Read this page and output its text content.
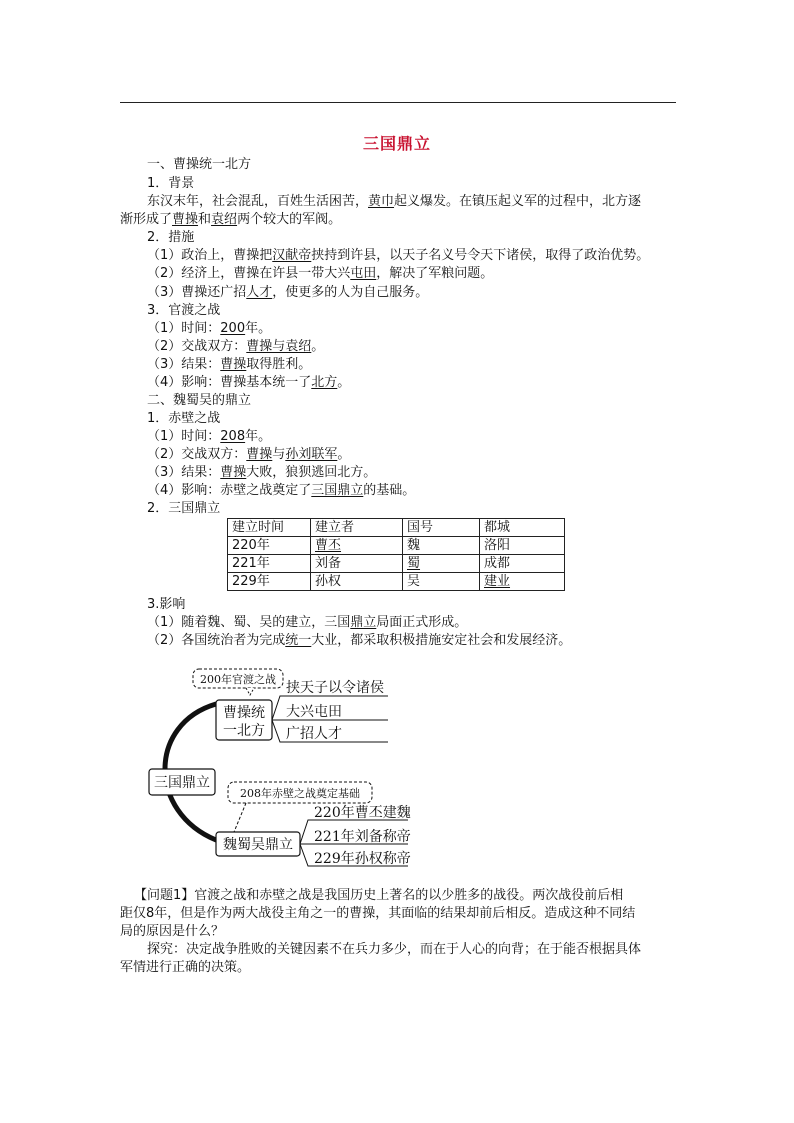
三国鼎立
一、曹操统一北方
1．背景
东汉末年，社会混乱，百姓生活困苦，黄巾起义爆发。在镇压起义军的过程中，北方逐
渐形成了曹操和袁绍两个较大的军阀。
2．措施
（1）政治上，曹操把汉献帝挟持到许县，以天子名义号令天下诸侯，取得了政治优势。
（2）经济上，曹操在许县一带大兴屯田，解决了军粮问题。
（3）曹操还广招人才，使更多的人为自己服务。
3．官渡之战
（1）时间：200年。
（2）交战双方：曹操与袁绍。
（3）结果：曹操取得胜利。
（4）影响：曹操基本统一了北方。
二、魏蜀吴的鼎立
1．赤壁之战
（1）时间：208年。
（2）交战双方：曹操与孙刘联军。
（3）结果：曹操大败，狼狈逃回北方。
（4）影响：赤壁之战奠定了三国鼎立的基础。
2．三国鼎立
建立时间	建立者	国号	都城
220年	曹丕	魏	洛阳
221年	刘备	蜀	成都
229年	孙权	吴	建业
3.影响
（1）随着魏、蜀、吴的建立，三国鼎立局面正式形成。
（2）各国统治者为完成统一大业，都采取积极措施安定社会和发展经济。
三国鼎立
曹操统
一北方
200年官渡之战
挟天子以令诸侯
大兴屯田
广招人才
208年赤壁之战奠定基础
魏蜀吴鼎立
220年曹丕建魏
221年刘备称帝
229年孙权称帝
【问题1】官渡之战和赤壁之战是我国历史上著名的以少胜多的战役。两次战役前后相
距仅8年，但是作为两大战役主角之一的曹操，其面临的结果却前后相反。造成这种不同结
局的原因是什么？
探究：决定战争胜败的关键因素不在兵力多少，而在于人心的向背；在于能否根据具体
军情进行正确的决策。
